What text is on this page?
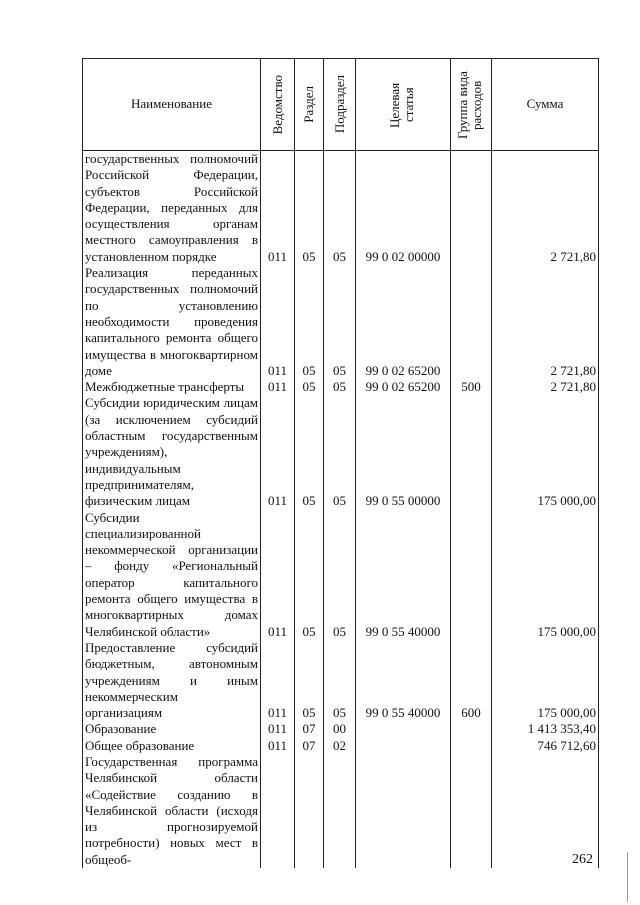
Наименование	Ведомство	Раздел	Подраздел	Целевая статья	Группа вида расходов	Сумма
государственных полномочий Российской Федерации, субъектов Российской Федерации, переданных для осуществления органам местного самоуправления в установленном порядке	011	05	05	99 0 02 00000		2 721,80
Реализация переданных государственных полномочий по установлению необходимости проведения капитального ремонта общего имущества в многоквартирном доме	011	05	05	99 0 02 65200		2 721,80
Межбюджетные трансферты	011	05	05	99 0 02 65200	500	2 721,80
Субсидии юридическим лицам (за исключением субсидий областным государственным учреждениям), индивидуальным предпринимателям, физическим лицам	011	05	05	99 0 55 00000		175 000,00
Субсидии специализированной некоммерческой организации – фонду «Региональный оператор капитального ремонта общего имущества в многоквартирных домах Челябинской области»	011	05	05	99 0 55 40000		175 000,00
Предоставление субсидий бюджетным, автономным учреждениям и иным некоммерческим организациям	011	05	05	99 0 55 40000	600	175 000,00
Образование	011	07	00			1 413 353,40
Общее образование	011	07	02			746 712,60
Государственная программа Челябинской области «Содействие созданию в Челябинской области (исходя из прогнозируемой потребности) новых мест в общеоб-							262
